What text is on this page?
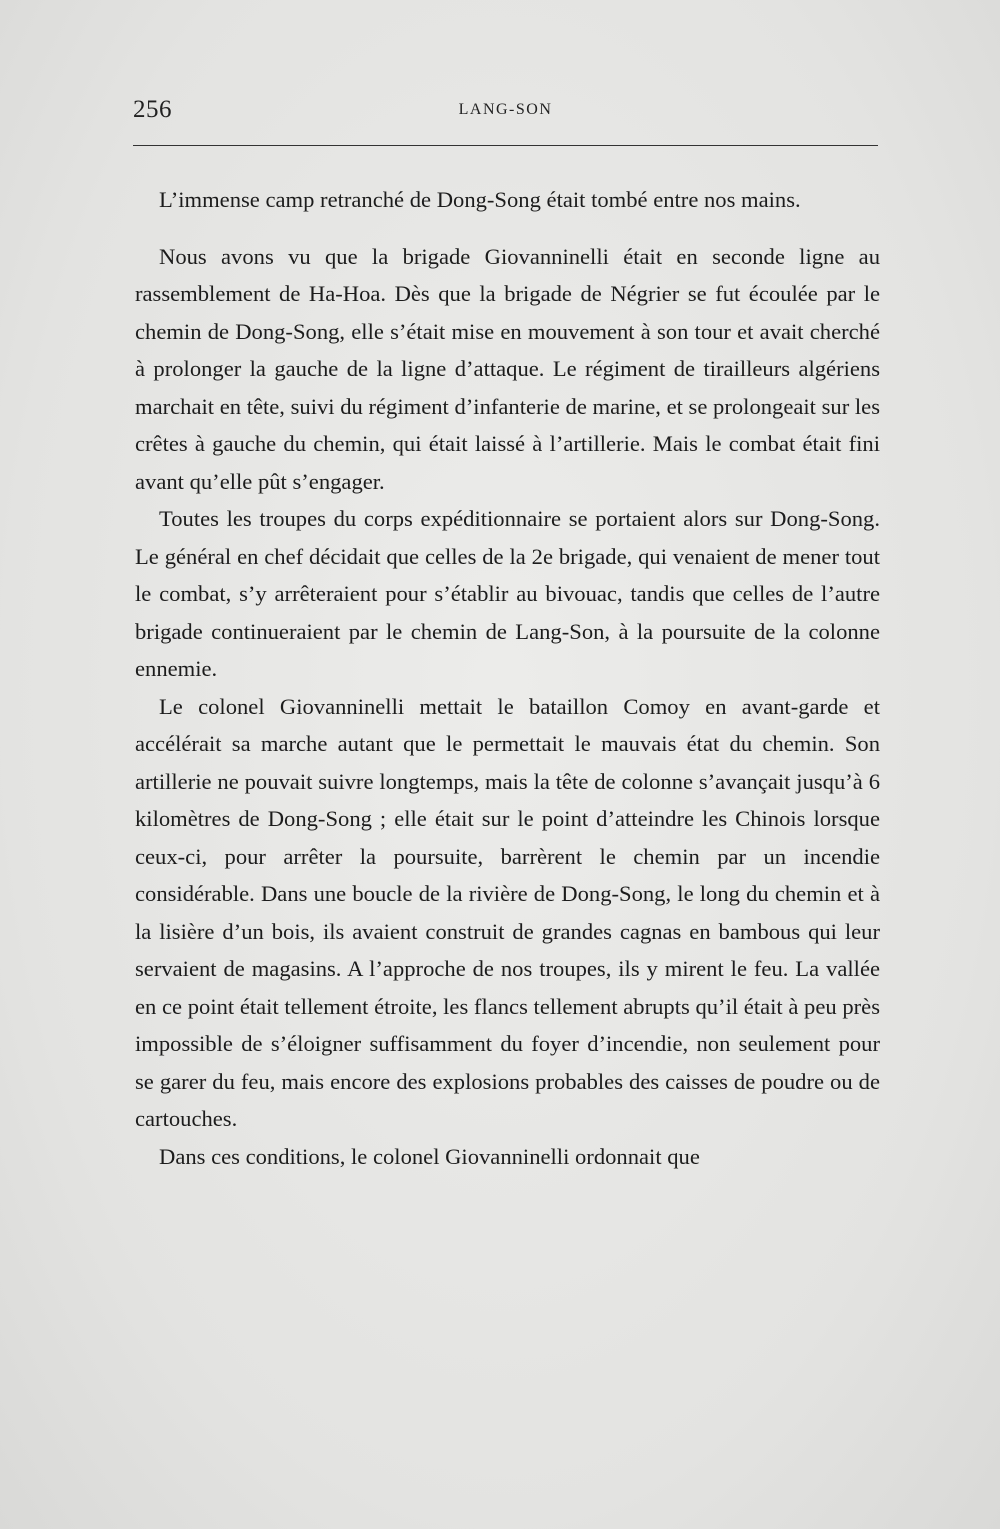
256	LANG-SON

L’immense camp retranché de Dong-Song était tombé entre nos mains.

Nous avons vu que la brigade Giovanninelli était en seconde ligne au rassemblement de Ha-Hoa. Dès que la brigade de Négrier se fut écoulée par le chemin de Dong-Song, elle s’était mise en mouvement à son tour et avait cherché à prolonger la gauche de la ligne d’attaque. Le régiment de tirailleurs algériens marchait en tête, suivi du régiment d’infanterie de marine, et se prolongeait sur les crêtes à gauche du chemin, qui était laissé à l’artillerie. Mais le combat était fini avant qu’elle pût s’engager.

Toutes les troupes du corps expéditionnaire se portaient alors sur Dong-Song. Le général en chef décidait que celles de la 2e brigade, qui venaient de mener tout le combat, s’y arrêteraient pour s’établir au bivouac, tandis que celles de l’autre brigade continueraient par le chemin de Lang-Son, à la poursuite de la colonne ennemie.

Le colonel Giovanninelli mettait le bataillon Comoy en avant-garde et accélérait sa marche autant que le permettait le mauvais état du chemin. Son artillerie ne pouvait suivre longtemps, mais la tête de colonne s’avançait jusqu’à 6 kilomètres de Dong-Song ; elle était sur le point d’atteindre les Chinois lorsque ceux-ci, pour arrêter la poursuite, barrèrent le chemin par un incendie considérable. Dans une boucle de la rivière de Dong-Song, le long du chemin et à la lisière d’un bois, ils avaient construit de grandes cagnas en bambous qui leur servaient de magasins. A l’approche de nos troupes, ils y mirent le feu. La vallée en ce point était tellement étroite, les flancs tellement abrupts qu’il était à peu près impossible de s’éloigner suffisamment du foyer d’incendie, non seulement pour se garer du feu, mais encore des explosions probables des caisses de poudre ou de cartouches.

Dans ces conditions, le colonel Giovanninelli ordonnait que
